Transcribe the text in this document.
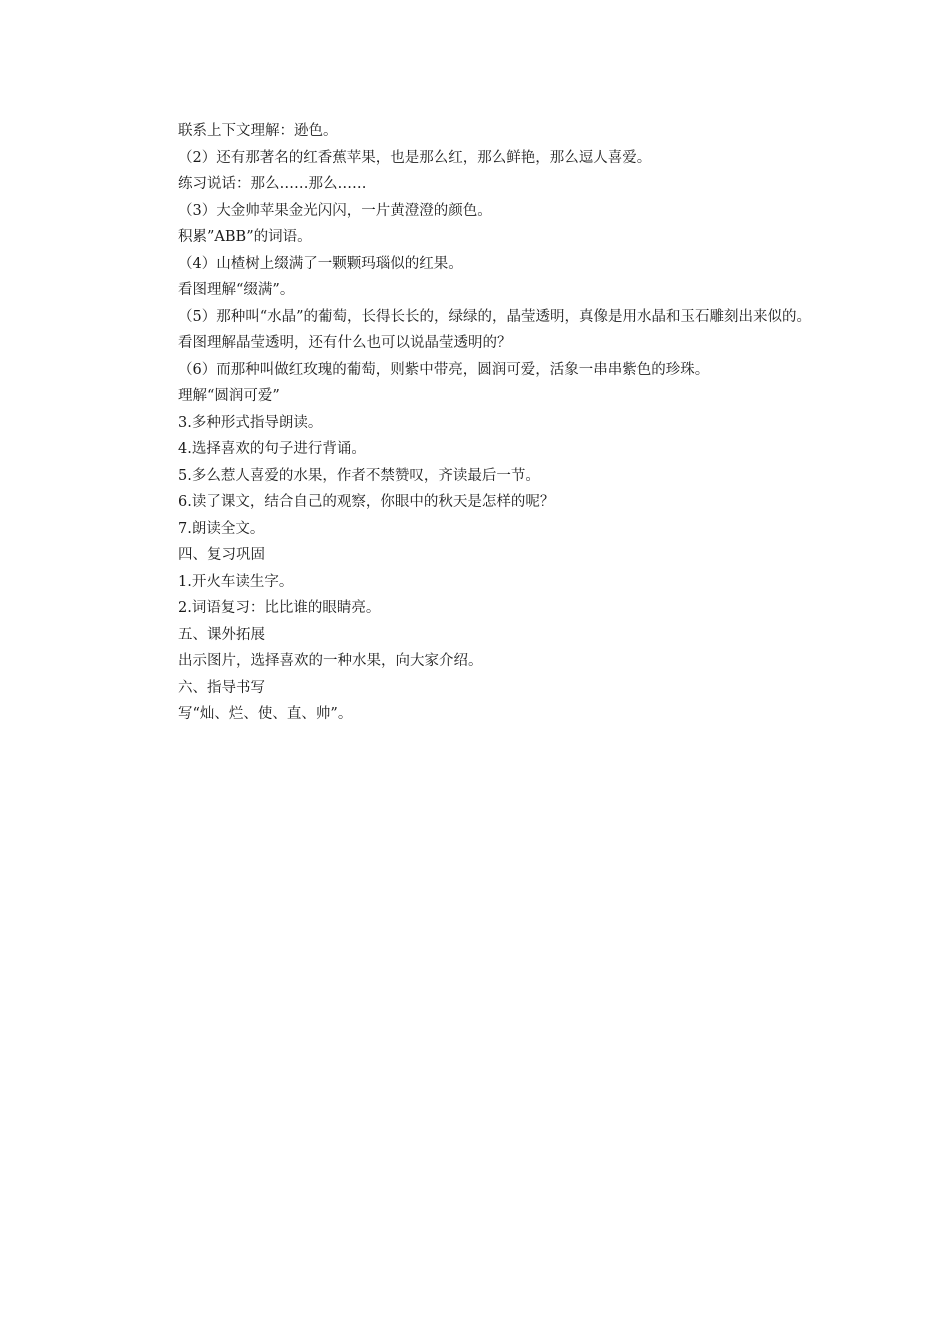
联系上下文理解：逊色。

（2）还有那著名的红香蕉苹果，也是那么红，那么鲜艳，那么逗人喜爱。

练习说话：那么……那么……

（3）大金帅苹果金光闪闪，一片黄澄澄的颜色。

积累”ABB”的词语。

（4）山楂树上缀满了一颗颗玛瑙似的红果。

看图理解“缀满”。

（5）那种叫“水晶”的葡萄，长得长长的，绿绿的，晶莹透明，真像是用水晶和玉石雕刻出来似的。

看图理解晶莹透明，还有什么也可以说晶莹透明的？

（6）而那种叫做红玫瑰的葡萄，则紫中带亮，圆润可爱，活象一串串紫色的珍珠。

理解“圆润可爱”

3.多种形式指导朗读。

4.选择喜欢的句子进行背诵。

5.多么惹人喜爱的水果，作者不禁赞叹，齐读最后一节。

6.读了课文，结合自己的观察，你眼中的秋天是怎样的呢？

7.朗读全文。

四、复习巩固

1.开火车读生字。

2.词语复习：比比谁的眼睛亮。

五、课外拓展

出示图片，选择喜欢的一种水果，向大家介绍。

六、指导书写

写“灿、烂、使、直、帅”。
